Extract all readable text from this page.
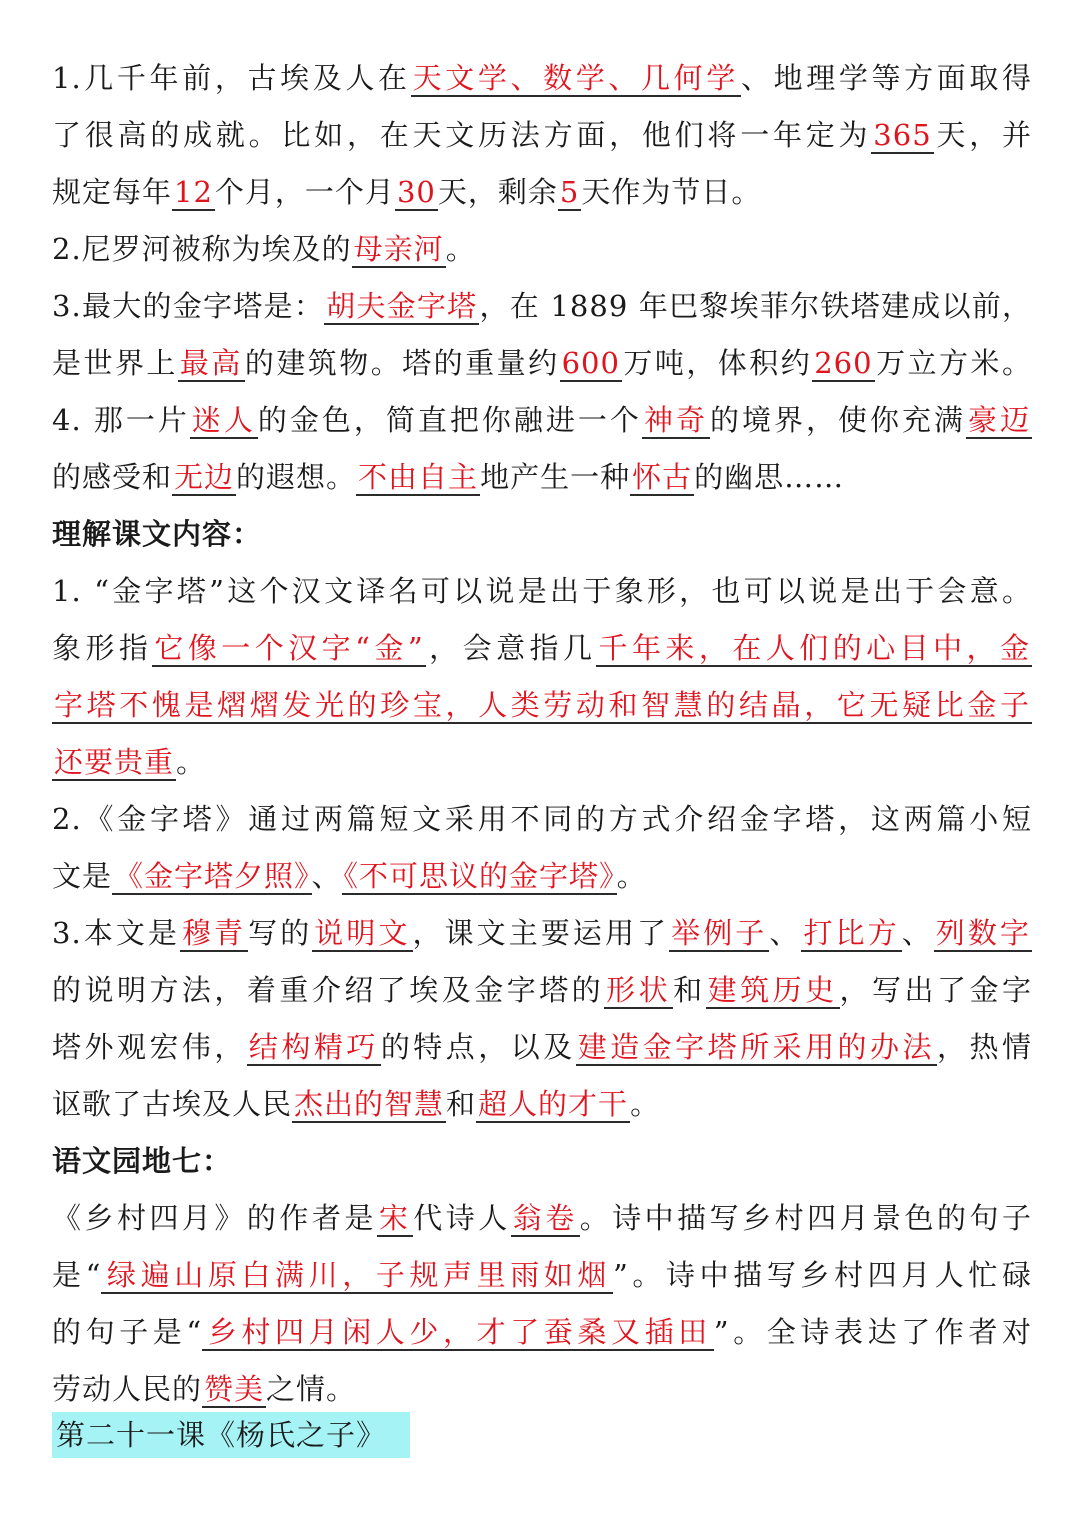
1.几千年前，古埃及人在天文学、数学、几何学、地理学等方面取得
了很高的成就。比如，在天文历法方面，他们将一年定为365天，并
规定每年12个月，一个月30天，剩余5天作为节日。
2.尼罗河被称为埃及的母亲河。
3.最大的金字塔是：胡夫金字塔，在 1889 年巴黎埃菲尔铁塔建成以前，
是世界上最高的建筑物。塔的重量约600万吨，体积约260万立方米。
4. 那一片迷人的金色，简直把你融进一个神奇的境界，使你充满豪迈
的感受和无边的遐想。不由自主地产生一种怀古的幽思……
理解课文内容：
1. “金字塔”这个汉文译名可以说是出于象形，也可以说是出于会意。
象形指它像一个汉字“金”，会意指几千年来，在人们的心目中，金
字塔不愧是熠熠发光的珍宝，人类劳动和智慧的结晶，它无疑比金子
还要贵重。
2.《金字塔》通过两篇短文采用不同的方式介绍金字塔，这两篇小短
文是《金字塔夕照》、《不可思议的金字塔》。
3.本文是穆青写的说明文，课文主要运用了举例子、打比方、列数字
的说明方法，着重介绍了埃及金字塔的形状和建筑历史，写出了金字
塔外观宏伟，结构精巧的特点，以及建造金字塔所采用的办法，热情
讴歌了古埃及人民杰出的智慧和超人的才干。
语文园地七：
《乡村四月》的作者是宋代诗人翁卷。诗中描写乡村四月景色的句子
是“绿遍山原白满川，子规声里雨如烟”。诗中描写乡村四月人忙碌
的句子是“乡村四月闲人少，才了蚕桑又插田”。全诗表达了作者对
劳动人民的赞美之情。
第二十一课《杨氏之子》
